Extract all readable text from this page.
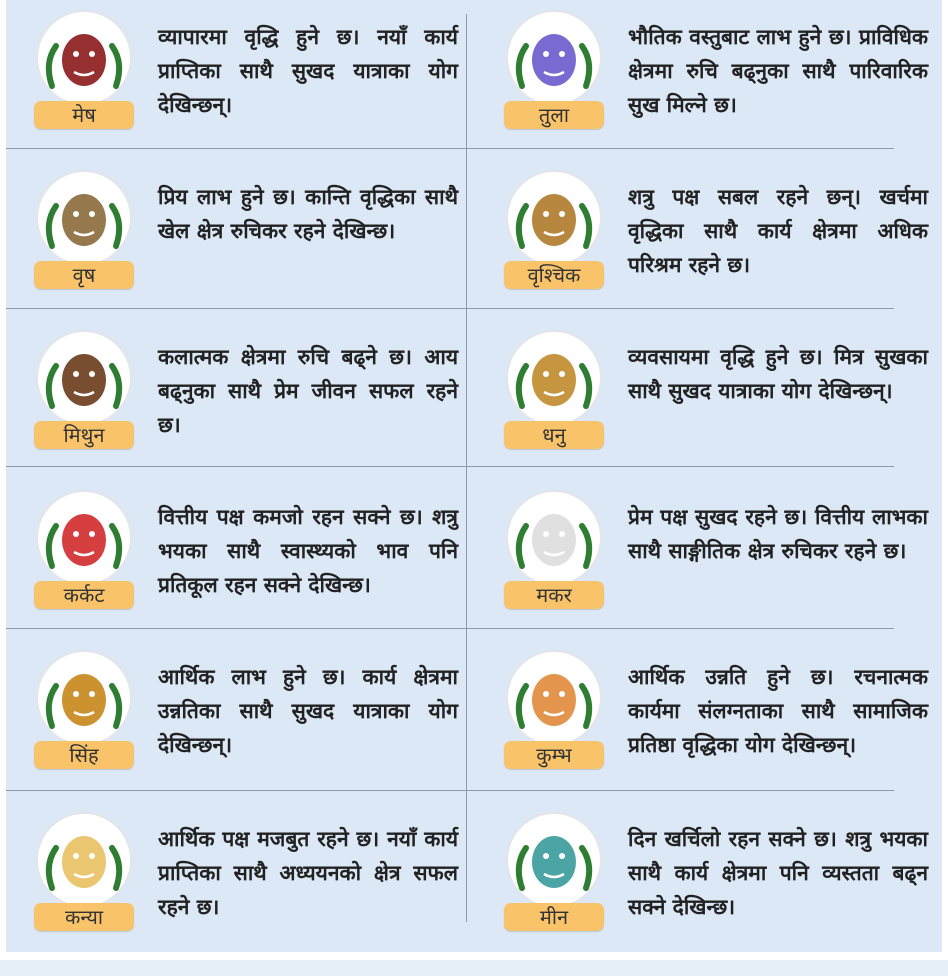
मेष
व्यापारमा वृद्धि हुने छ। नयाँ कार्य प्राप्तिका साथै सुखद यात्राका योग देखिन्छन्।	तुला
भौतिक वस्तुबाट लाभ हुने छ। प्राविधिक क्षेत्रमा रुचि बढ्नुका साथै पारिवारिक सुख मिल्ने छ।
वृष
प्रिय लाभ हुने छ। कान्ति वृद्धिका साथै खेल क्षेत्र रुचिकर रहने देखिन्छ।
वृश्चिक
शत्रु पक्ष सबल रहने छन्। खर्चमा वृद्धिका साथै कार्य क्षेत्रमा अधिक परिश्रम रहने छ।
मिथुन
कलात्मक क्षेत्रमा रुचि बढ्ने छ। आय बढ्नुका साथै प्रेम जीवन सफल रहने छ।	धनु
व्यवसायमा वृद्धि हुने छ। मित्र सुखका साथै सुखद यात्राका योग देखिन्छन्।
कर्कट
वित्तीय पक्ष कमजो रहन सक्ने छ। शत्रु भयका साथै स्वास्थ्यको भाव पनि प्रतिकूल रहन सक्ने देखिन्छ।	मकर
प्रेम पक्ष सुखद रहने छ। वित्तीय लाभका साथै साङ्गीतिक क्षेत्र रुचिकर रहने छ।
सिंह
आर्थिक लाभ हुने छ। कार्य क्षेत्रमा उन्नतिका साथै सुखद यात्राका योग देखिन्छन्।	कुम्भ
आर्थिक उन्नति हुने छ। रचनात्मक कार्यमा संलग्नताका साथै सामाजिक प्रतिष्ठा वृद्धिका योग देखिन्छन्।
कन्या
आर्थिक पक्ष मजबुत रहने छ। नयाँ कार्य प्राप्तिका साथै अध्ययनको क्षेत्र सफल रहने छ।	मीन
दिन खर्चिलो रहन सक्ने छ। शत्रु भयका साथै कार्य क्षेत्रमा पनि व्यस्तता बढ्न सक्ने देखिन्छ।
